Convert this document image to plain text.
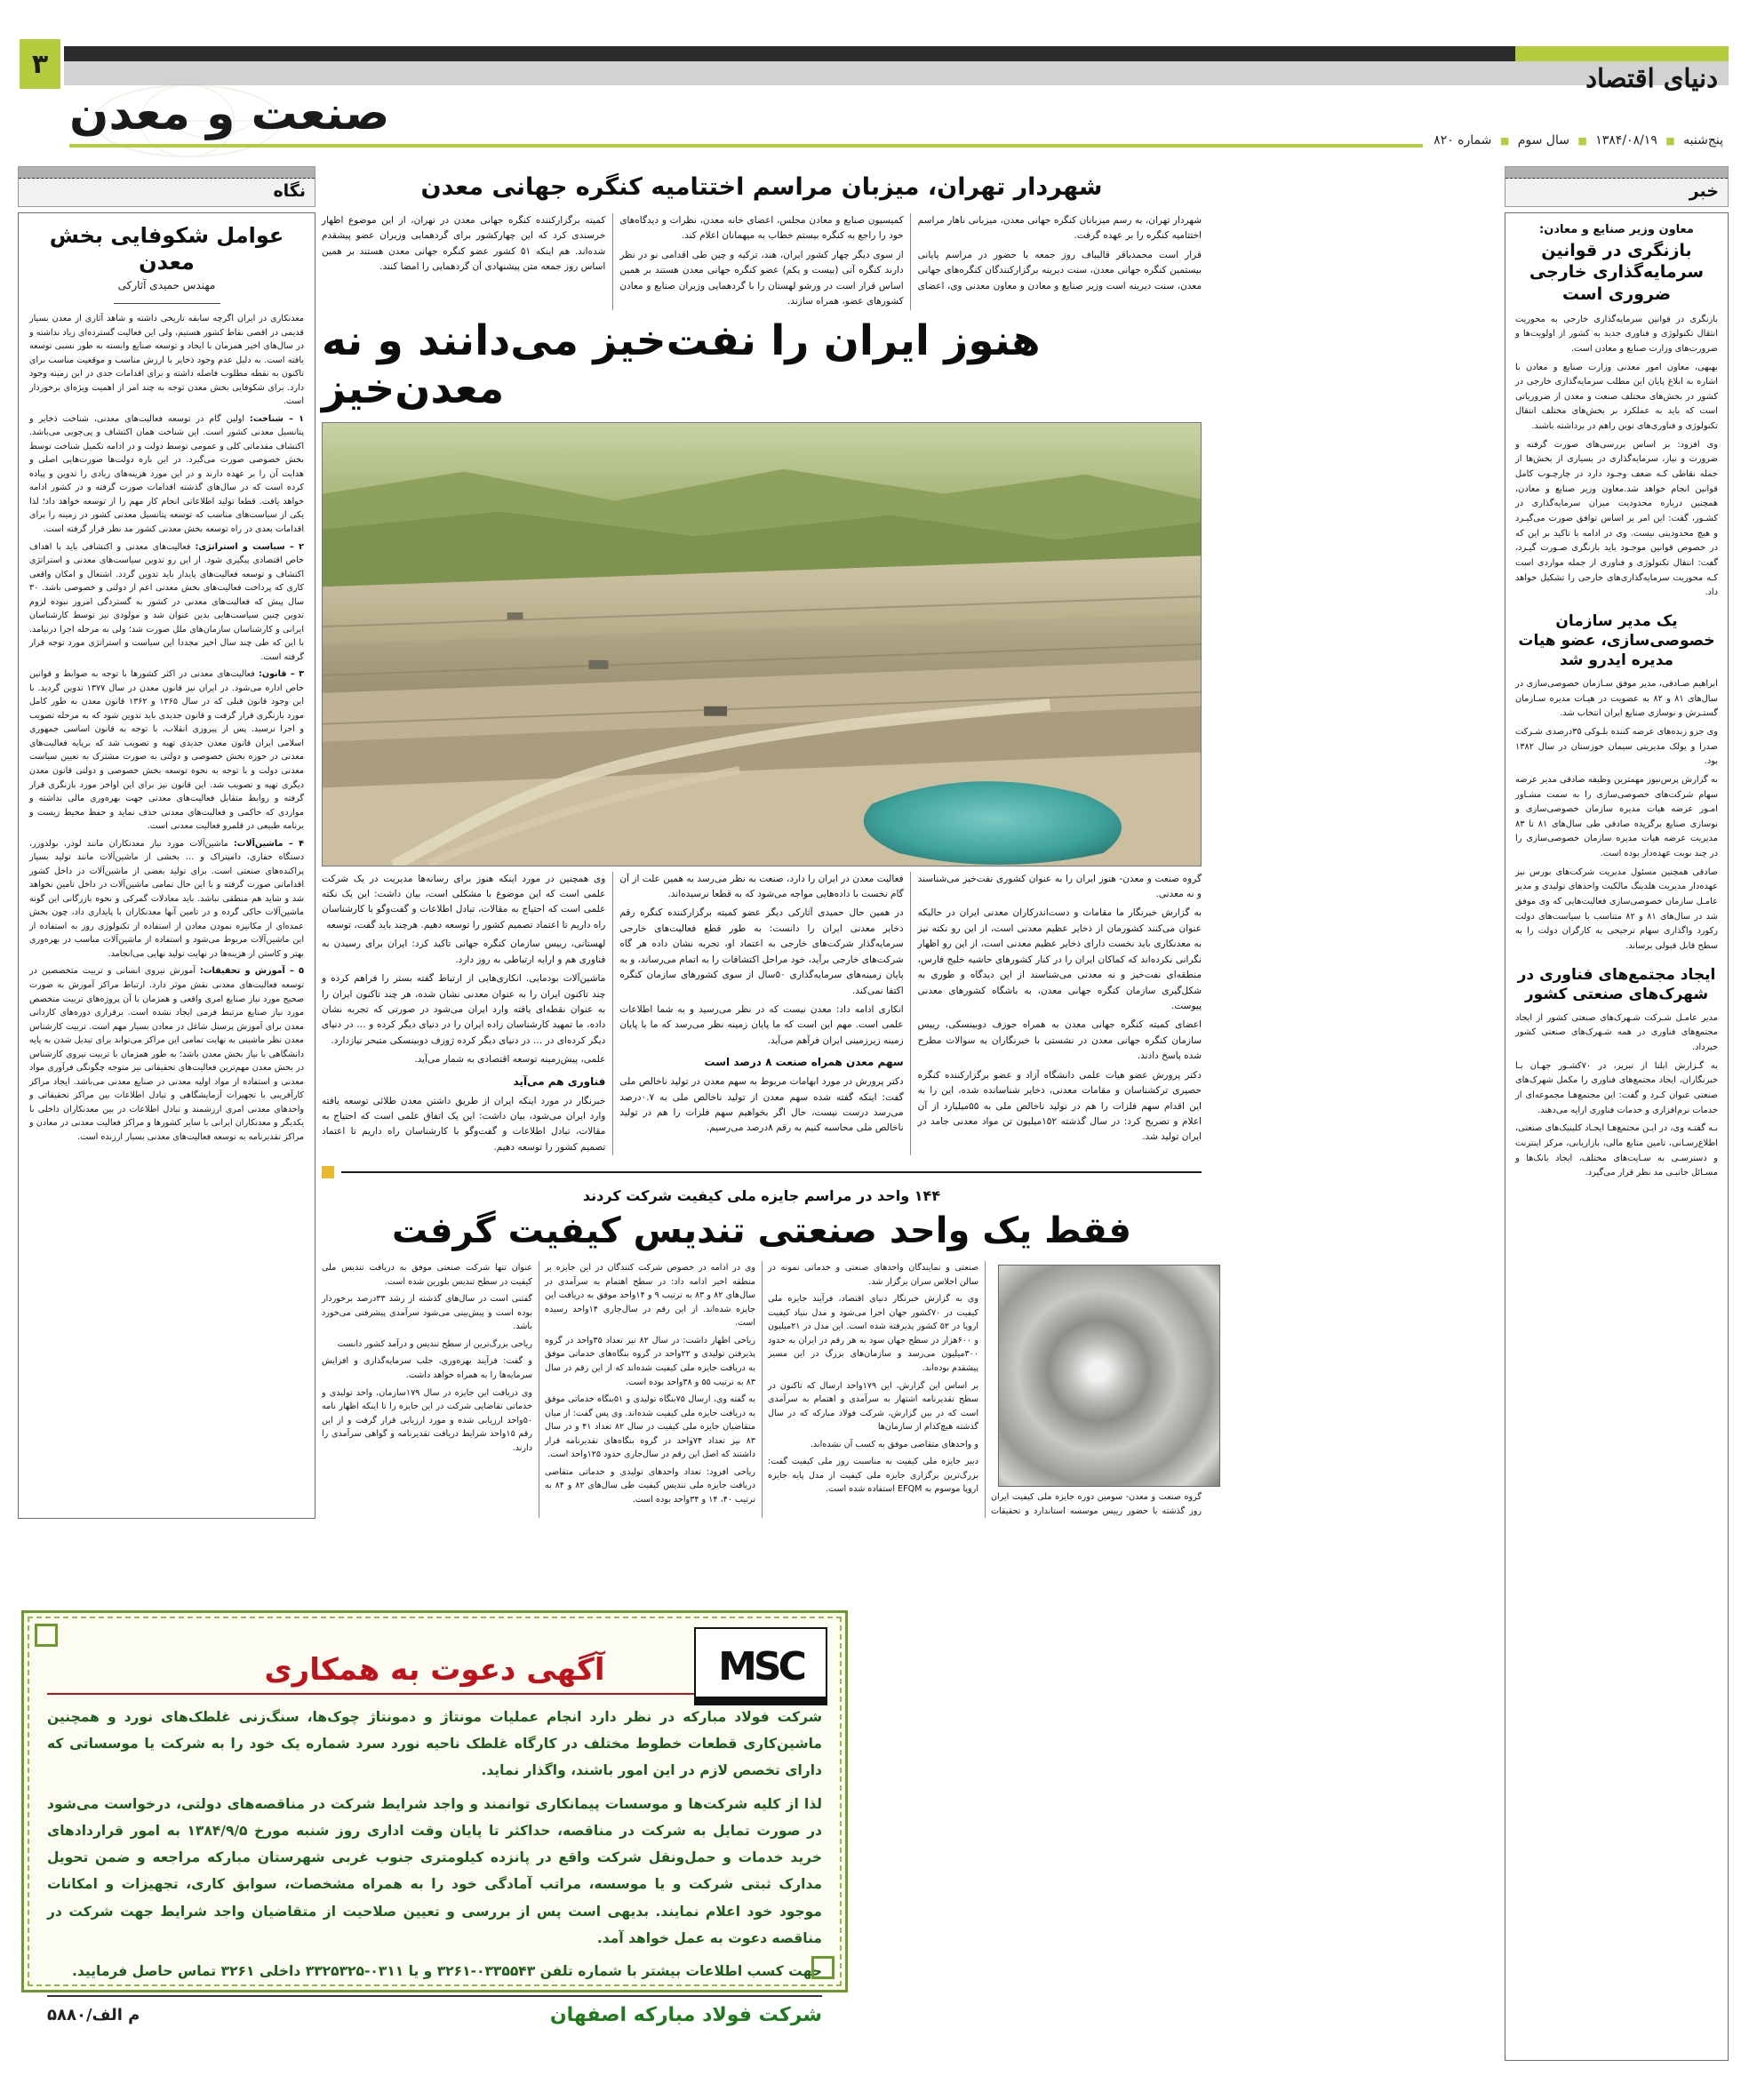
دنیای اقتصاد
۳
صنعت و معدن	پنج‌شنبه ■ ۱۳۸۴/۰۸/۱۹ ■ سال سوم ■ شماره ۸۲۰
خبر
معاون وزیر صنایع و معادن:
بازنگری در قوانین سرمایه‌گذاری خارجی ضروری است

بازنگری در قوانین سرمایه‌گذاری خارجی به محوریت انتقال تکنولوژی و فناوری جدید به کشور از اولویت‌ها و ضرورت‌های وزارت صنایع و معادن است.

بهبهی، معاون امور معدنی وزارت صنایع و معادن با اشاره به ابلاغ پایان این مطلب سرمایه‌گذاری خارجی در کشور در بخش‌های مختلف صنعت و معدن از ضروریاتی است که باید به عملکرد بر بخش‌های مختلف انتقال تکنولوژی و فناوری‌های نوین راهم در برداشته باشند.

وی افزود: بر اساس بررسی‌های صورت گرفته و ضرورت و نیاز، سرمایه‌گذاری در بسیاری از بخش‌ها از جمله نقاطی کـه ضعف وجـود دارد در چارچـوب کامل قوانین انجام خواهد شد.معاون وزیر صنایع و معادن، همچنین درباره محدودیت میزان سرمایه‌گذاری در کشـور، گفت: این امر بر اساس توافق صورت می‌گیـرد و هیچ محدودیتی نیست. وی در ادامه با تاکید بر این که در خصوص قوانین موجـود باید بازنگری صـورت گیـرد، گفت: انتقال تکنولوژی و فناوری از جمله مواردی است کـه محوریت سرمایه‌گذاری‌های خارجی را تشکیل خواهد داد.

یک مدیر سازمان خصوصی‌سازی، عضو هیات مدیره ایدرو شد

ابراهیم صـادقی، مدیر موفق سـازمان خصوصی‌سازی در سال‌های ۸۱ و ۸۲ به عضویت در هیـات مدیره سـازمان گستـرش و نوسازی صنایع ایران انتخاب شد.

وی جزو زبده‌های عرضه کننده بلـوکی ۳۵درصدی شـرکت صدرا و یولک مدیریتی سیمان خوزستان در سال ۱۳۸۲ بود.

به گزارش پرس‌نیوز مهمترین وظیفه صادقی مدیر عرضه سهام شرکت‌های خصوصی‌سازی را به سمت مشـاور امـور عرضه هیات مدیره سازمان خصوصی‌سازی و نوسازی صنایع برگزیده صادقی طی سال‌های ۸۱ تا ۸۳ مدیریت عرضه هیات مدیره سازمان خصوصی‌سازی را در چند نوبت عهده‌دار بوده است.

صادقی همچنین مسئول مدیریت شرکت‌های بورس نیز عهده‌دار مدیریت هلدینگ مالکیت واحدهای تولیدی و مدیر عامـل سازمان خصوصی‌سازی فعالیت‌هایی که وی موفق شد در سال‌های ۸۱ و ۸۲ متناسب با سیاست‌های دولت رکورد واگذاری سهام ترجیحی به کارگران دولت را به سطح قابل قبولی برساند.

ایجاد مجتمع‌های فناوری در شهرک‌های صنعتی کشور

مدیر عامـل شـرکت شـهرک‌های صنعتی کشور از ایجاد مجتمع‌های فناوری در همه شـهرک‌های صنعتی کشور خبرداد.

به گـزارش ایلنا از تبریز، در ۷۰کشـور جهـان بـا خبرنگاران، ایجاد مجتمع‌های فناوری را مکمل شهرک‌های صنعتی عنوان کـرد و گفت: این مجتمع‌هـا مجموعه‌ای از خدمات نرم‌افزاری و خدمات فناوری ارایه می‌دهند.

بـه گفتـه وی، در ایـن مجتمع‌هـا ایجـاد کلینیک‌های صنعتی، اطلاع‌رسـانی، تامین منابع مالی، بازاریابی، مرکز اینترنت و دسترسـی به سـایت‌های مختلف، ایجاد بانک‌ها و مسـائل جانبـی مد نظر قرار می‌گیرد.

نگاه
عوامل شکوفایی بخش معدن
مهندس حمیدی آثارکی

معدنکاری در ایران اگرچه سابقه تاریخی داشته و شاهد آثاری از معدن بسیار قدیمی در اقصی نقاط کشور هستیم، ولی این فعالیت گسترده‌ای زیاد نداشته و در سال‌های اخیر همزمان با ایجاد و توسعه صنایع وابسته به طور نسبی توسعه یافته است. به دلیل عدم وجود ذخایر با ارزش مناسب و موقعیت مناسب برای تاکنون به نقطه مطلوب فاصله داشته و برای اقدامات جدی در این زمینه وجود دارد. برای شکوفایی بخش معدن توجه به چند امر از اهمیت ویژه‌ای برخوردار است.

۱ – شناخت: اولین گام در توسعه فعالیت‌های معدنی، شناخت ذخایر و پتانسیل معدنی کشور است. این شناخت همان اکتشاف و پی‌جویی می‌باشد. اکتشاف مقدماتی کلی و عمومی توسط دولت و در ادامه تکمیل شناخت توسط بخش خصوصی صورت می‌گیرد. در این باره دولت‌ها صورت‌هایی اصلی و هدایت آن را بر عهده دارند و در این مورد هزینه‌های زیادی را تدوین و پیاده کرده است که در سال‌های گذشته اقدامات صورت گرفته و در کشور ادامه خواهد یافت. قطعا تولید اطلاعاتی انجام کار مهم را از توسعه خواهد داد؛ لذا یکی از سیاست‌های مناسب که توسعه پتانسیل معدنی کشور در زمینه را برای اقدامات بعدی در راه توسعه بخش معدنی کشور مد نظر قرار گرفته است.

۲ – سیاست و استراتژی: فعالیت‌های معدنی و اکتشافی باید با اهداف خاص اقتصادی پیگیری شود. از این رو تدوین سیاست‌های معدنی و استراتژی اکتشاف و توسعه فعالیت‌های پایدار باید تدوین گردد. اشتغال و امکان واقعی کاری که پرداخت فعالیت‌های بخش معدنی اعم از دولتی و خصوصی باشد. ۳۰ سال پیش که فعالیت‌های معدنی در کشور به گستردگی امروز نبوده لزوم تدوین چنین سیاست‌هایی بدین عنوان شد و مولودی نیز توسط کارشناسان ایرانی و کارشناسان سازمان‌های ملل صورت شد؛ ولی به مرحله اجرا درنیامد. با این که طی چند سال اخیر مجددا این سیاست و استراتژی مورد توجه قرار گرفته است.

۳ – قانون: فعالیت‌های معدنی در اکثر کشورها با توجه به ضوابط و قوانین خاص اداره می‌شود. در ایران نیز قانون معدن در سال ۱۳۷۷ تدوین گردید. با این وجود قانون قبلی که در سال ۱۳۶۵ و ۱۳۶۲ قانون معدن به طور کامل مورد بازنگری قرار گرفت و قانون جدیدی باید تدوین شود که به مرحله تصویب و اجرا نرسید. پس از پیروزی انقلاب، با توجه به قانون اساسی جمهوری اسلامی ایران قانون معدن جدیدی تهیه و تصویب شد که برپایه فعالیت‌های معدنی در حوزه بخش خصوصی و دولتی به صورت مشترک به تعیین سیاست معدنی دولت و با توجه به نحوه توسعه بخش خصوصی و دولتی قانون معدن دیگری تهیه و تصویب شد. این قانون نیز برای این اواخر مورد بازنگری قرار گرفته و روابط متقابل فعالیت‌های معدنی جهت بهره‌وری مالی نداشته و مواردی که حاکمی و فعالیت‌های معدنی حذف نماید و حفظ محیط زیست و برنامه طبیعی در قلمرو فعالیت معدنی است.

۴ – ماشین‌آلات: ماشین‌آلات مورد نیاز معدنکاران مانند لودر، بولدوزر، دستگاه حفاری، دامپتراک و … بخشی از ماشین‌آلات مانند تولید بسیار پراکنده‌های صنعتی است. برای تولید بعضی از ماشین‌آلات در داخل کشور اقداماتی صورت گرفته و با این حال تمامی ماشین‌آلات در داخل تامین نخواهد شد و شاید هم منطقی نباشد. باید معادلات گمرکی و نحوه بازرگانی این گونه ماشین‌آلات حاکی گرده و در تامین آنها معدنکاران با پایداری داد، چون بخش عمده‌ای از مکانیزه نمودن معادن از استفاده از تکنولوژی روز به استفاده از این ماشین‌آلات مربوط می‌شود و استفاده از ماشین‌آلات مناسب در بهره‌وری بهتر و کاستن از هزینه‌ها در نهایت تولید نهایی می‌انجامد.

۵ – آموزش و تحقیقات: آموزش نیروی انسانی و تربیت متخصصین در توسعه فعالیت‌های معدنی نقش موثر دارد. ارتباط مراکز آموزش به صورت صحیح مورد نیاز صنایع امری واقعی و همزمان با آن پروژه‌های تربیت متخصص مورد نیاز صنایع مرتبط فرمی ایجاد نشده است. برقراری دوره‌های کاردانی معدن برای آموزش پرسنل شاغل در معادن بسیار مهم است. تربیت کارشناس معدن نظر ماشینی به نهایت تمامی این مراکز می‌تواند برای تبدیل شدن به پایه دانشگاهی با نیاز بخش معدن باشد؛ به طور همزمان با تربیت نیروی کارشناس در بخش معدن مهم‌ترین فعالیت‌های تحقیقاتی نیز متوجه چگونگی فرآوری مواد معدنی و استفاده از مواد اولیه معدنی در صنایع معدنی می‌باشد. ایجاد مراکز کارآفرینی با تجهیزات آزمایشگاهی و تبادل اطلاعات بین مراکز تحقیقاتی و واحدهای معدنی امری ارزشمند و تبادل اطلاعات در بین معدنکاران داخلی با یکدیگر و معدنکاران ایرانی با سایر کشورها و مراکز فعالیت معدنی در معادن و مراکز تقدیرنامه به توسعه فعالیت‌های معدنی بسیار ارزنده است.

شهردار تهران، میزبان مراسم اختتامیه کنگره جهانی معدن

شهردار تهران، به رسم میزبانان کنگره جهانی معدن، میزبانی ناهار مراسم اختتامیه کنگره را بر عهده گرفت.

قرار است محمدباقر قالیباف روز جمعه با حضور در مراسم پایانی بیستمین کنگره جهانی معدن، سنت دیرینه برگزارکنندگان کنگره‌های جهانی معدن، سنت دیرینه است وزیر صنایع و معادن و معاون معدنی وی، اعضای کمیسیون صنایع و معادن مجلس، اعضای خانه معدن، نظرات و دیدگاه‌های خود را راجع به کنگره بیستم خطاب به میهمانان اعلام کند.

از سوی دیگر چهار کشور ایران، هند، ترکیه و چین طی اقدامی نو در نظر دارند کنگره آتی (بیست و یکم) عضو کنگره جهانی معدن هستند بر همین اساس قرار است در ورشو لهستان را با گردهمایی وزیران صنایع و معادن کشورهای عضو، همراه سازند.

کمیته برگزارکننده کنگره جهانی معدن در تهران، از این موضوع اظهار خرسندی کرد که این چهارکشور برای گردهمایی وزیران عضو پیشقدم شده‌اند. هم اینکه ۵۱ کشور عضو کنگره جهانی معدن هستند بر همین اساس روز جمعه متن پیشنهادی آن گردهمایی را امضا کنند.

هنوز ایران را نفت‌خیز می‌دانند و نه معدن‌خیز

گروه صنعت و معدن- هنوز ایران را به عنوان کشوری نفت‌خیز می‌شناسند و نه معدنی.

به گزارش خبرنگار ما مقامات و دست‌اندرکاران معدنی ایران در حالیکه عنوان می‌کنند کشورمان از ذخایر عظیم معدنی است، از این رو نکته نیز به معدنکاری باید نخست دارای ذخایر عظیم معدنی است، از این رو اظهار نگرانی نکرده‌اند که کماکان ایران را در کنار کشورهای حاشیه خلیج فارس، منطقه‌ای نفت‌خیز و نه معدنی می‌شناسند از این دیدگاه و طوری به شکل‌گیری سازمان کنگره جهانی معدن، به باشگاه کشورهای معدنی پیوست.

اعضای کمیته کنگره جهانی معدن به همراه جوزف دوبینسکی، رییس سازمان کنگره جهانی معدن در نشستی با خبرنگاران به سوالات مطرح شده پاسخ دادند.

دکتر پرورش عضو هیات علمی دانشگاه آزاد و عضو برگزارکننده کنگره حصیری ترکشناسان و مقامات معدنی، ذخایر شناسانده شده، این را به این اقدام سهم فلزات را هم در تولید ناخالص ملی به ۵۵میلیارد از آن اعلام و تصریح کرد: در سال گذشته ۱۵۲میلیون تن مواد معدنی جامد در ایران تولید شد.

فعالیت معدن در ایران را دارد، صنعت به نظر می‌رسد به همین علت از آن گام نخست با داده‌هایی مواجه می‌شود که به قطعا نرسیده‌اند.

در همین حال حمیدی آثارکی دیگر عضو کمیته برگزارکننده کنگره رقم ذخایر معدنی ایران را دانست: به طور قطع فعالیت‌های خارجی سرمایه‌گذار شرکت‌های خارجی به اعتماد او، تجربه نشان داده هر گاه شرکت‌های خارجی برآید، خود مراحل اکتشافات را به اتمام می‌رساند، و به پایان زمینه‌های سرمایه‌گذاری ۵۰سال از سوی کشورهای سازمان کنگره اکتفا نمی‌کند.

انکاری ادامه داد: معدن نیست که در نظر می‌رسید و به شما اطلاعات علمی است. مهم این است که ما پایان زمینه نظر می‌رسد که ما با پایان زمینه زیرزمینی ایران فرآهم می‌آید.

سهم معدن همراه صنعت ۸ درصد است

دکتر پرورش در مورد ابهامات مربوط به سهم معدن در تولید ناخالص ملی گفت: اینکه گفته شده سهم معدن از تولید ناخالص ملی به ۰.۷درصد می‌رسد درست نیست، حال اگر بخواهیم سهم فلزات را هم در تولید ناخالص ملی محاسبه کنیم به رقم ۸درصد می‌رسیم.

وی همچنین در مورد اینکه هنوز برای رسانه‌ها مدیریت در یک شرکت علمی است که این موضوع با مشکلی است، بیان داشت: این یک نکته علمی است که احتیاج به مقالات، تبادل اطلاعات و گفت‌وگو با کارشناسان راه داریم تا اعتماد تصمیم کشور را توسعه دهیم. هرچند باید گفت، توسعه

لهستانی، رییس سازمان کنگره جهانی تاکید کرد: ایران برای رسیدن به فناوری هم و ارایه ارتباطی به روز دارد.

ماشین‌آلات بودمایی. انکاری‌هایی از ارتباط گفته بستر را فراهم کرده و چند تاکنون ایران را به عنوان معدنی نشان شده، هر چند تاکنون ایران را به عنوان نقطه‌ای یافته وارد ایران می‌شود در صورتی که تجربه نشان داده، ما تمهید کارشناسان زاده ایران را در دنیای دیگر کرده و … در دنیای دیگر کرده‌ای در … در دنیای دیگر کرده ژوزف دوبینسکی متبحر نیازدارد.

علمی، پیش‌زمینه توسعه اقتصادی به شمار می‌آید.

فناوری هم می‌آید

خبرنگار در مورد اینکه ایران از طریق داشتن معدن طلائی توسعه یافته وارد ایران می‌شود، بیان داشت: این یک اتفاق علمی است که احتیاج به مقالات، تبادل اطلاعات و گفت‌وگو با کارشناسان راه داریم تا اعتماد تصمیم کشور را توسعه دهیم.

۱۴۴ واحد در مراسم جایزه ملی کیفیت شرکت کردند
فقط یک واحد صنعتی تندیس کیفیت گرفت

گروه صنعت و معدن- سومین دوره جایزه ملی کیفیت ایران روز گذشته با حضور رییس موسسه استاندارد و تحقیقات صنعتی و نمایندگان واحدهای صنعتی و خدماتی نمونه در سالن اجلاس سران برگزار شد.

وی به گزارش خبرنگار دنیای اقتصاد، فرآیند جایزه ملی کیفیت در ۷۰کشور جهان اجرا می‌شود و مدل بنیاد کیفیت اروپا در ۵۲ کشور پذیرفته شده است. این مدل در ۲۱میلیون و ۶۰۰هزار در سطح جهان سود به هر رقم در ایران به حدود ۳۰۰میلیون می‌رسد و سازمان‌های بزرگ در این مسیر پیشقدم بوده‌اند.

بر اساس این گزارش، این ۱۷۹واحد ارسال که تاکنون در سطح تقدیرنامه اشتهار به سرآمدی و اهتمام به سرآمدی است که در بین گزارش، شرکت فولاد مبارکه که در سال گذشته هیچ‌کدام از سازمان‌ها

و واحدهای متقاضی موفق به کسب آن نشده‌اند.

دبیر جایزه ملی کیفیت به مناسبت روز ملی کیفیت گفت: بزرگ‌ترین برگزاری جایزه ملی کیفیت از مدل پایه جایزه اروپا موسوم به EFQM استفاده شده است.

وی در ادامه در خصوص شرکت کنندگان در این جایزه بر منطقه اخیر ادامه داد: در سطح اهتمام به سرآمدی در سال‌های ۸۲ و ۸۳ به ترتیب ۹ و ۱۴واحد موفق به دریافت این جایزه شده‌اند. از این رقم در سال‌جاری ۱۴واحد رسیده است.

ریاحی اظهار داشت: در سال ۸۲ نیز تعداد ۳۵واحد در گروه پذیرفتن تولیدی و ۲۲واحد در گروه بنگاه‌های خدماتی موفق به دریافت جایزه ملی کیفیت شده‌اند که از این رقم در سال ۸۳ به ترتیب ۵۵ و ۳۸واحد بوده است.

به گفته وی، ارسال ۷۵بنگاه تولیدی و ۵۱بنگاه خدماتی موفق به دریافت جایزه ملی کیفیت شده‌اند. وی پس گفت: از میان متقاضیان جایزه ملی کیفیت در سال ۸۲ تعداد ۴۱ و در سال ۸۳ نیز تعداد ۷۴واحد در گروه بنگاه‌های تقدیرنامه قرار داشتند که اصل این رقم در سال‌جاری حدود ۱۲۵واحد است.

ریاحی افزود: تعداد واحدهای تولیدی و خدماتی متقاضی دریافت جایزه ملی تندیس کیفیت طی سال‌های ۸۲ و ۸۴ به ترتیب ۴۰، ۱۴ و ۳۴واحد بوده است.

عنوان تنها شرکت صنعتی موفق به دریافت تندیس ملی کیفیت در سطح تندیس بلورین شده است.

گفتنی است در سال‌های گذشته از رشد ۳۳درصد برخوردار بوده است و پیش‌بینی می‌شود سرآمدی پیشرفتی می‌خورد باشد.

ریاحی بزرگ‌ترین از سطح تندیس و درآمد کشور دانست

و گفت: فرآیند بهره‌وری، جلب سرمایه‌گذاری و افزایش سرمایه‌ها را به همراه خواهد داشت.

وی دریافت این جایزه در سال ۱۷۹سازمان، واحد تولیدی و خدماتی تقاضایی شرکت در این جایزه را تا اینکه اظهار نامه ۵۰واحد ارزیابی شده و مورد ارزیابی قرار گرفت و از این رقم ۱۵واحد شرایط دریافت تقدیرنامه و گواهی سرآمدی را دارند.

MSC
آگهی دعوت به همکاری

شرکت فولاد مبارکه در نظر دارد انجام عملیات مونتاژ و دمونتاژ چوک‌ها، سنگ‌زنی غلطک‌های نورد و همچنین ماشین‌کاری قطعات خطوط مختلف در کارگاه غلطک ناحیه نورد سرد شماره یک خود را به شرکت یا موسساتی که دارای تخصص لازم در این امور باشند، واگذار نماید.

لذا از کلیه شرکت‌ها و موسسات پیمانکاری توانمند و واجد شرایط شرکت در مناقصه‌های دولتی، درخواست می‌شود در صورت تمایل به شرکت در مناقصه، حداکثر تا پایان وقت اداری روز شنبه مورخ ۱۳۸۴/۹/۵ به امور قراردادهای خرید خدمات و حمل‌ونقل شرکت واقع در پانزده کیلومتری جنوب غربی شهرستان مبارکه مراجعه و ضمن تحویل مدارک ثبتی شرکت و یا موسسه، مراتب آمادگی خود را به همراه مشخصات، سوابق کاری، تجهیزات و امکانات موجود خود اعلام نمایند. بدیهی است پس از بررسی و تعیین صلاحیت از متقاضیان واجد شرایط جهت شرکت در مناقصه دعوت به عمل خواهد آمد.

جهت کسب اطلاعات بیشتر با شماره تلفن ۰۳۳۵۵۴۳-۳۲۶۱ و یا ۰۳۱۱-۳۳۲۵۳۲۵ داخلی ۳۲۶۱ تماس حاصل فرمایید.

شرکت فولاد مبارکه اصفهان
م الف/۵۸۸۰
